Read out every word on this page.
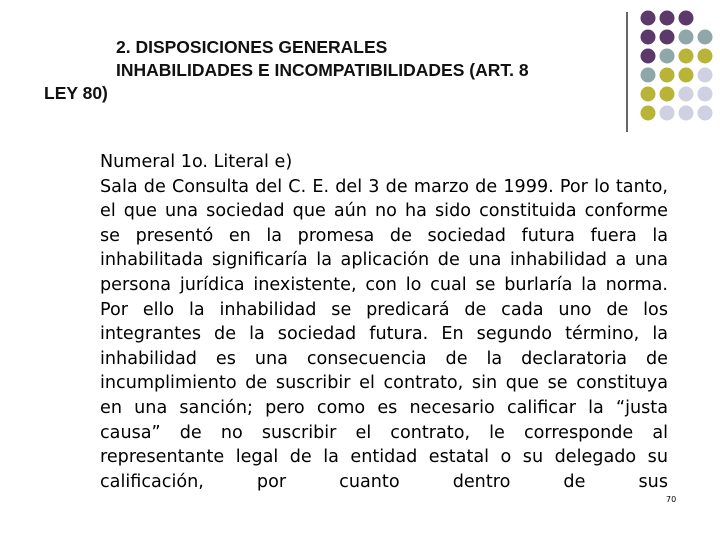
2. DISPOSICIONES GENERALES
INHABILIDADES E INCOMPATIBILIDADES (ART. 8
LEY 80)
Numeral 1o. Literal e)
Sala de Consulta del C. E. del 3 de marzo de 1999. Por lo tanto, el que una sociedad que aún no ha sido constituida conforme se presentó en la promesa de sociedad futura fuera la inhabilitada significaría la aplicación de una inhabilidad a una persona jurídica inexistente, con lo cual se burlaría la norma. Por ello la inhabilidad se predicará de cada uno de los integrantes de la sociedad futura. En segundo término, la inhabilidad es una consecuencia de la declaratoria de incumplimiento de suscribir el contrato, sin que se constituya en una sanción; pero como es necesario calificar la “justa causa” de no suscribir el contrato, le corresponde al representante legal de la entidad estatal o su delegado su calificación, por cuanto dentro de sus
70
